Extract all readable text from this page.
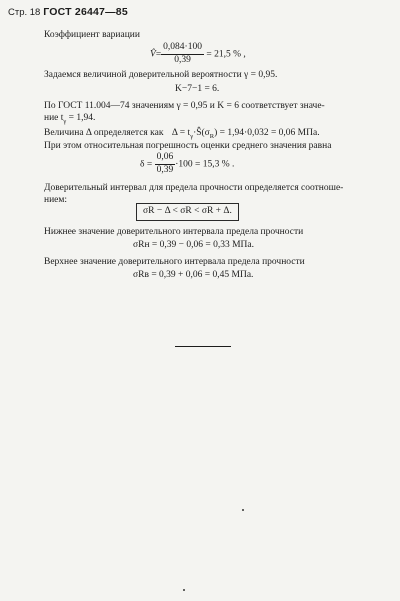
Стр. 18 ГОСТ 26447—85
Коэффициент вариации
V̂= $\frac{0,084\cdot 100}{0,39} = 21,5$ % ,
Задаемся величиной доверительной вероятности γ = 0,95.
K−7−1 = 6.
По ГОСТ 11.004—74 значениям γ = 0,95 и K = 6 соответствует значе-
ние $t_\gamma = 1,94$.
Величина Δ определяется как $\Delta = t_\gamma\cdot Ŝ(\sigma_R) = 1,94\cdot 0,032 = 0,06$ МПа.
При этом относительная погрешность оценки среднего значения равна
$\delta = \frac{0,06}{0,39} \cdot 100 = 15,3$ % .
Доверительный интервал для предела прочности определяется соотноше-
нием:
σR − Δ < σR < σR + Δ.
Нижнее значение доверительного интервала предела прочности
σRн = 0,39 − 0,06 = 0,33 МПа.
Верхнее значение доверительного интервала предела прочности
σRв = 0,39 + 0,06 = 0,45 МПа.
